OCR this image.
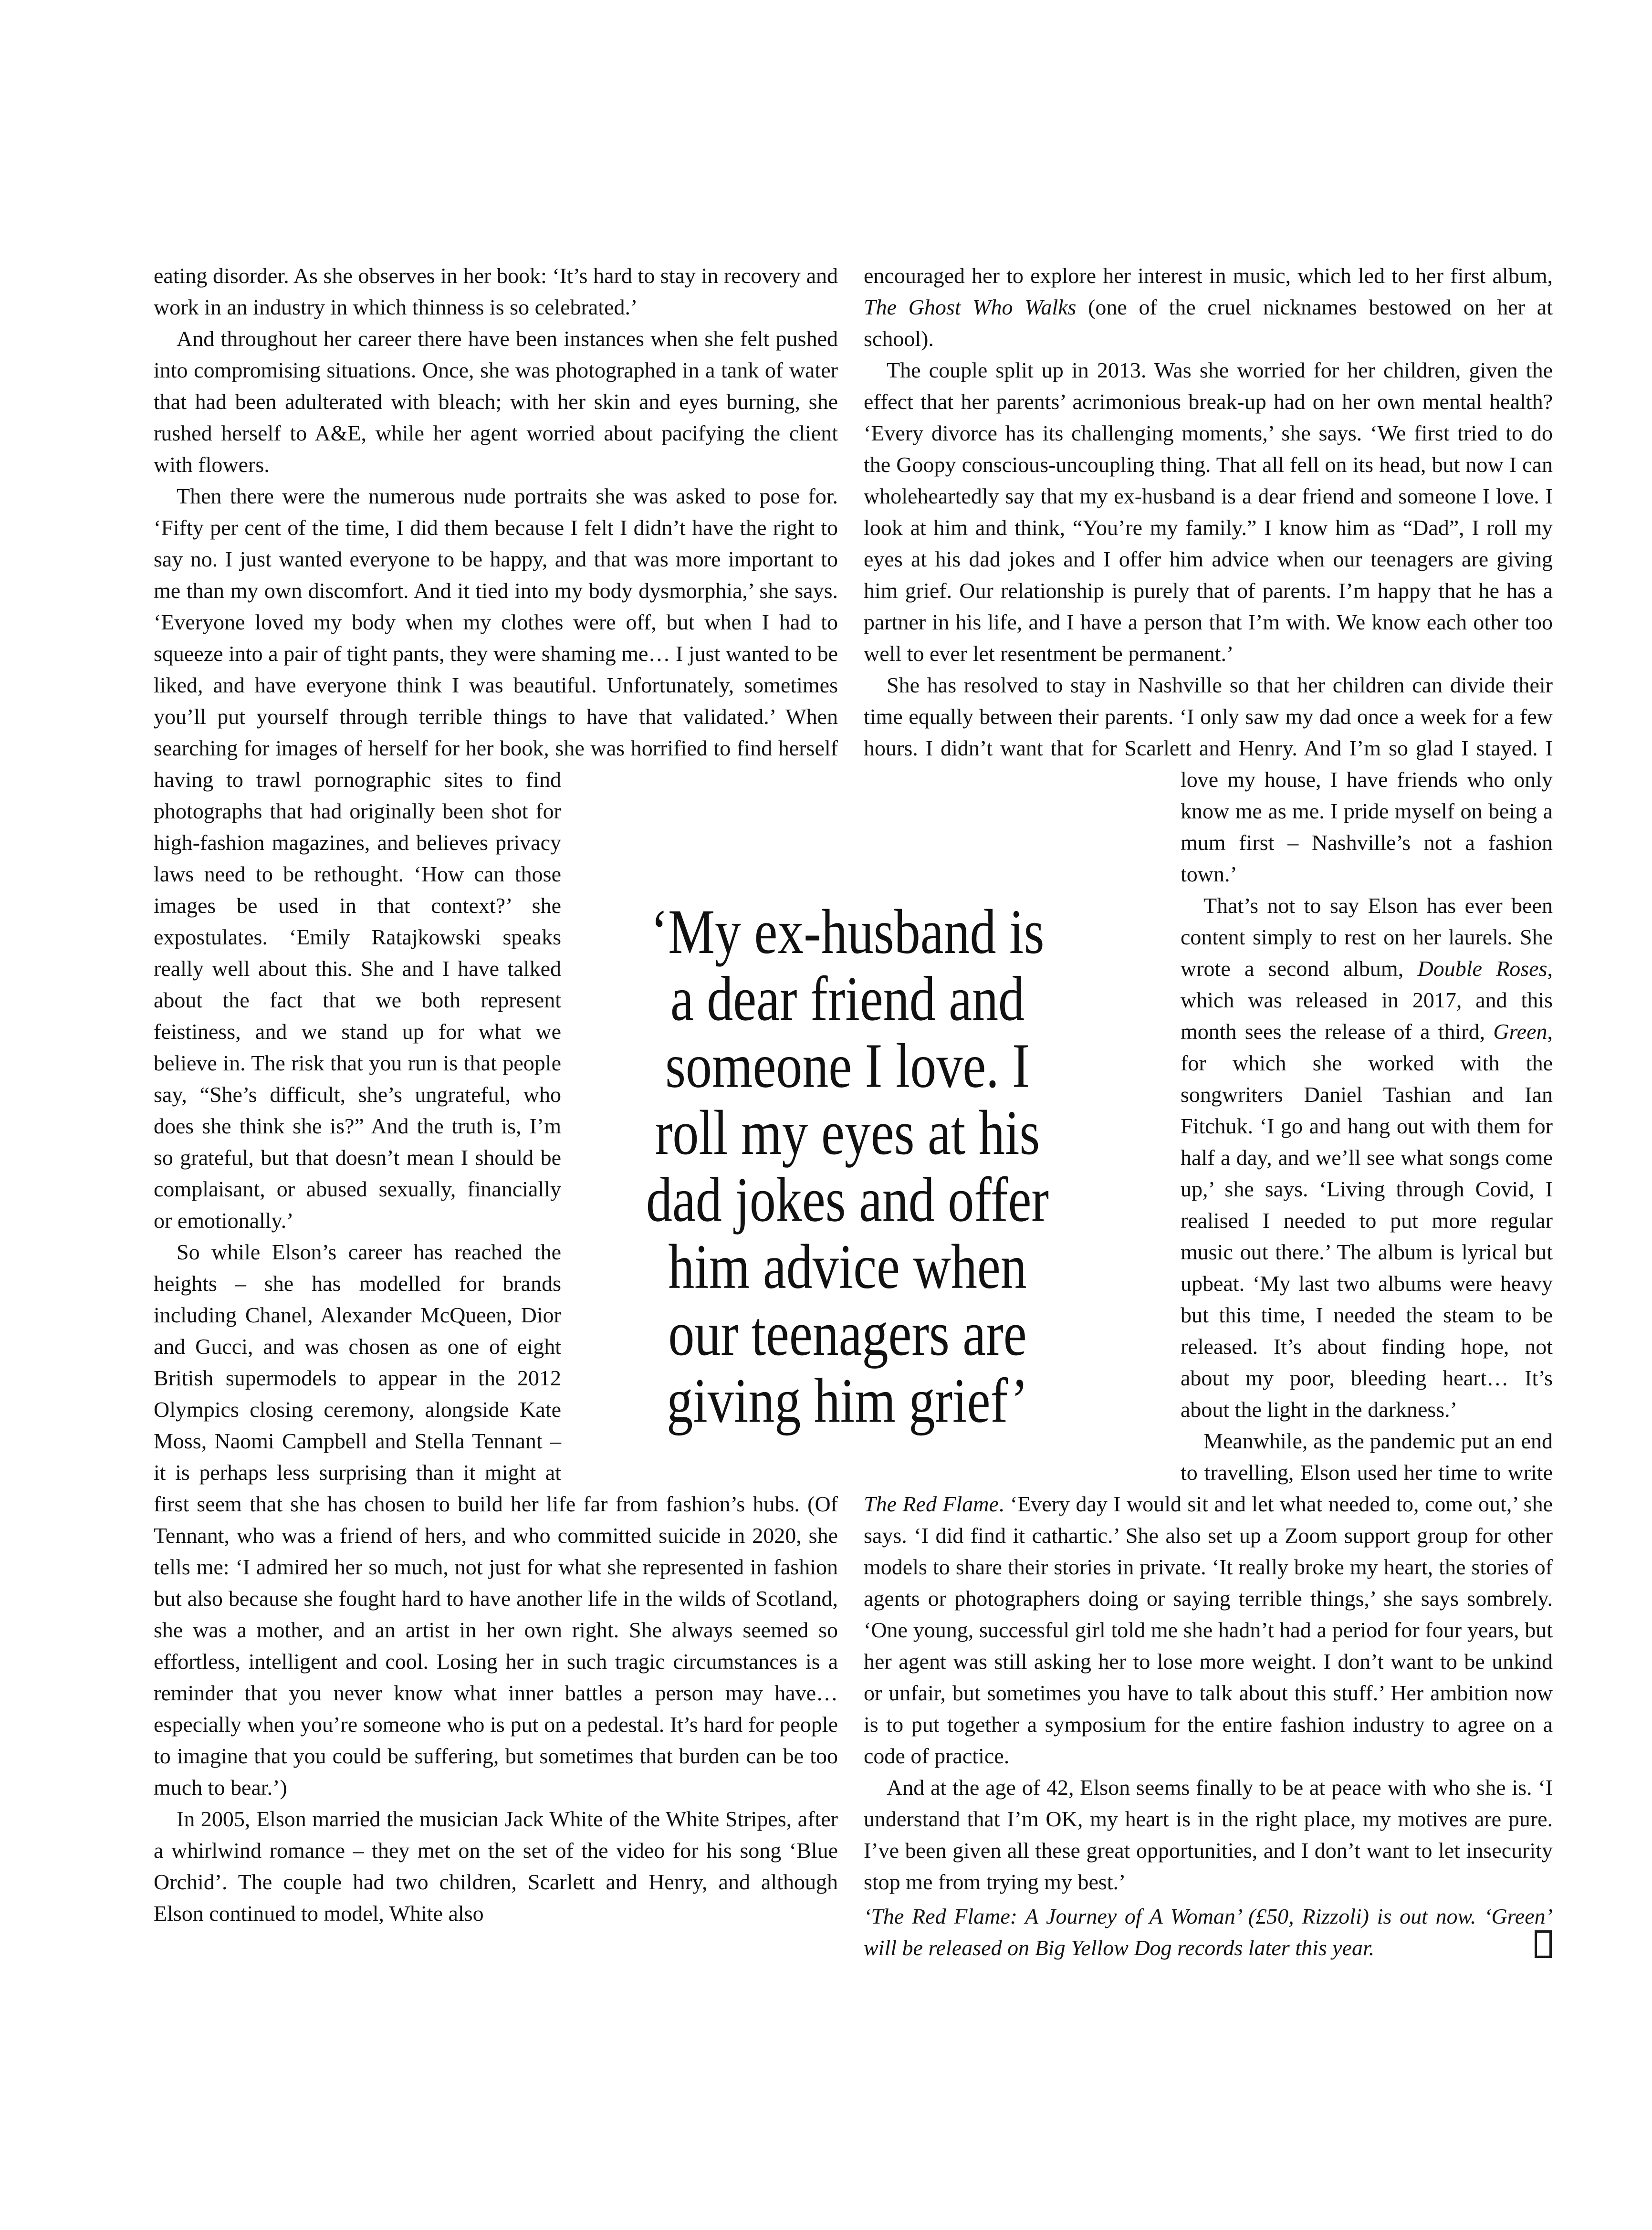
eating disorder. As she observes in her book: ‘It’s hard to stay in recovery and work in an industry in which thinness is so celebrated.’

And throughout her career there have been instances when she felt pushed into compromising situations. Once, she was photographed in a tank of water that had been adulterated with bleach; with her skin and eyes burning, she rushed herself to A&E, while her agent worried about pacifying the client with flowers.

Then there were the numerous nude portraits she was asked to pose for. ‘Fifty per cent of the time, I did them because I felt I didn’t have the right to say no. I just wanted everyone to be happy, and that was more important to me than my own discomfort. And it tied into my body dysmorphia,’ she says. ‘Everyone loved my body when my clothes were off, but when I had to squeeze into a pair of tight pants, they were shaming me… I just wanted to be liked, and have everyone think I was beautiful. Unfortunately, sometimes you’ll put yourself through terrible things to have that validated.’ When searching for images of herself for her book, she was horrified to find herself having to trawl pornographic sites to find photographs that had originally been shot for high-fashion magazines, and believes privacy laws need to be rethought. ‘How can those images be used in that context?’ she expostulates. ‘Emily Ratajkowski speaks really well about this. She and I have talked about the fact that we both represent feistiness, and we stand up for what we believe in. The risk that you run is that people say, “She’s difficult, she’s ungrateful, who does she think she is?” And the truth is, I’m so grateful, but that doesn’t mean I should be complaisant, or abused sexually, financially or emotionally.’

So while Elson’s career has reached the heights – she has modelled for brands including Chanel, Alexander McQueen, Dior and Gucci, and was chosen as one of eight British supermodels to appear in the 2012 Olympics closing ceremony, alongside Kate Moss, Naomi Campbell and Stella Tennant – it is perhaps less surprising than it might at first seem that she has chosen to build her life far from fashion’s hubs. (Of Tennant, who was a friend of hers, and who committed suicide in 2020, she tells me: ‘I admired her so much, not just for what she represented in fashion but also because she fought hard to have another life in the wilds of Scotland, she was a mother, and an artist in her own right. She always seemed so effortless, intelligent and cool. Losing her in such tragic circumstances is a reminder that you never know what inner battles a person may have… especially when you’re someone who is put on a pedestal. It’s hard for people to imagine that you could be suffering, but sometimes that burden can be too much to bear.’)

In 2005, Elson married the musician Jack White of the White Stripes, after a whirlwind romance – they met on the set of the video for his song ‘Blue Orchid’. The couple had two children, Scarlett and Henry, and although Elson continued to model, White also

encouraged her to explore her interest in music, which led to her first album, The Ghost Who Walks (one of the cruel nicknames bestowed on her at school).

The couple split up in 2013. Was she worried for her children, given the effect that her parents’ acrimonious break-up had on her own mental health? ‘Every divorce has its challenging moments,’ she says. ‘We first tried to do the Goopy conscious-uncoupling thing. That all fell on its head, but now I can wholeheartedly say that my ex-husband is a dear friend and someone I love. I look at him and think, “You’re my family.” I know him as “Dad”, I roll my eyes at his dad jokes and I offer him advice when our teenagers are giving him grief. Our relationship is purely that of parents. I’m happy that he has a partner in his life, and I have a person that I’m with. We know each other too well to ever let resentment be permanent.’

She has resolved to stay in Nashville so that her children can divide their time equally between their parents. ‘I only saw my dad once a week for a few hours. I didn’t want that for Scarlett and Henry. And I’m so glad I stayed. I love my house, I have friends who only know me as me. I pride myself on being a mum first – Nashville’s not a fashion town.’

That’s not to say Elson has ever been content simply to rest on her laurels. She wrote a second album, Double Roses, which was released in 2017, and this month sees the release of a third, Green, for which she worked with the songwriters Daniel Tashian and Ian Fitchuk. ‘I go and hang out with them for half a day, and we’ll see what songs come up,’ she says. ‘Living through Covid, I realised I needed to put more regular music out there.’ The album is lyrical but upbeat. ‘My last two albums were heavy but this time, I needed the steam to be released. It’s about finding hope, not about my poor, bleeding heart… It’s about the light in the darkness.’

Meanwhile, as the pandemic put an end to travelling, Elson used her time to write The Red Flame. ‘Every day I would sit and let what needed to, come out,’ she says. ‘I did find it cathartic.’ She also set up a Zoom support group for other models to share their stories in private. ‘It really broke my heart, the stories of agents or photographers doing or saying terrible things,’ she says sombrely. ‘One young, successful girl told me she hadn’t had a period for four years, but her agent was still asking her to lose more weight. I don’t want to be unkind or unfair, but sometimes you have to talk about this stuff.’ Her ambition now is to put together a symposium for the entire fashion industry to agree on a code of practice.

And at the age of 42, Elson seems finally to be at peace with who she is. ‘I understand that I’m OK, my heart is in the right place, my motives are pure. I’ve been given all these great opportunities, and I don’t want to let insecurity stop me from trying my best.’

‘The Red Flame: A Journey of A Woman’ (£50, Rizzoli) is out now. ‘Green’ will be released on Big Yellow Dog records later this year.

‘My ex-husband is
a dear friend and
someone I love. I
roll my eyes at his
dad jokes and offer
him advice when
our teenagers are
giving him grief’
